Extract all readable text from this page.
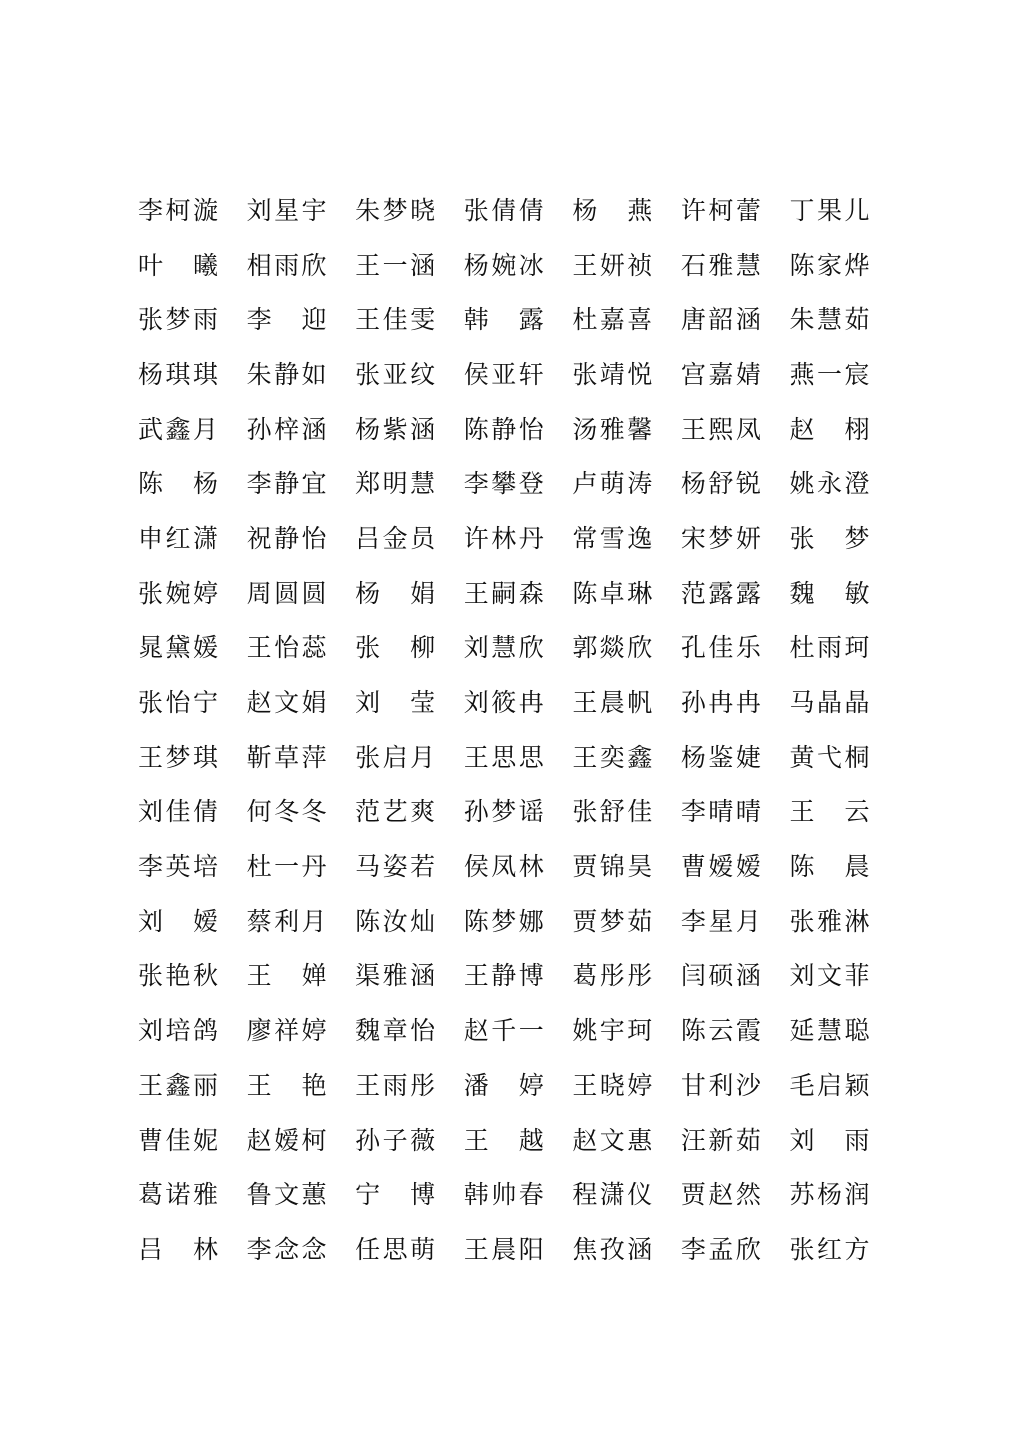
李 柯 漩 刘 星 宇 朱 梦 晓 张 倩 倩 杨 燕 许 柯 蕾 丁 果 儿
叶 曦 相 雨 欣 王 一 涵 杨 婉 冰 王 妍 祯 石 雅 慧 陈 家 烨
张 梦 雨 李 迎 王 佳 雯 韩 露 杜 嘉 喜 唐 韶 涵 朱 慧 茹
杨 琪 琪 朱 静 如 张 亚 纹 侯 亚 轩 张 靖 悦 宫 嘉 婧 燕 一 宸
武 鑫 月 孙 梓 涵 杨 紫 涵 陈 静 怡 汤 雅 馨 王 熙 凤 赵 栩
陈 杨 李 静 宜 郑 明 慧 李 攀 登 卢 萌 涛 杨 舒 锐 姚 永 澄
申 红 潇 祝 静 怡 吕 金 员 许 林 丹 常 雪 逸 宋 梦 妍 张 梦
张 婉 婷 周 圆 圆 杨 娟 王 嗣 森 陈 卓 琳 范 露 露 魏 敏
晁 黛 媛 王 怡 蕊 张 柳 刘 慧 欣 郭 燚 欣 孔 佳 乐 杜 雨 珂
张 怡 宁 赵 文 娟 刘 莹 刘 筱 冉 王 晨 帆 孙 冉 冉 马 晶 晶
王 梦 琪 靳 草 萍 张 启 月 王 思 思 王 奕 鑫 杨 鉴 婕 黄 弋 桐
刘 佳 倩 何 冬 冬 范 艺 爽 孙 梦 谣 张 舒 佳 李 晴 晴 王 云
李 英 培 杜 一 丹 马 姿 若 侯 凤 林 贾 锦 昊 曹 嫒 嫒 陈 晨
刘 嫒 蔡 利 月 陈 汝 灿 陈 梦 娜 贾 梦 茹 李 星 月 张 雅 淋
张 艳 秋 王 婵 渠 雅 涵 王 静 博 葛 彤 彤 闫 硕 涵 刘 文 菲
刘 培 鸽 廖 祥 婷 魏 章 怡 赵 千 一 姚 宇 珂 陈 云 霞 延 慧 聪
王 鑫 丽 王 艳 王 雨 彤 潘 婷 王 晓 婷 甘 利 沙 毛 启 颖
曹 佳 妮 赵 嫒 柯 孙 子 薇 王 越 赵 文 惠 汪 新 茹 刘 雨
葛 诺 雅 鲁 文 蕙 宁 博 韩 帅 春 程 潇 仪 贾 赵 然 苏 杨 润
吕 林 李 念 念 任 思 萌 王 晨 阳 焦 孜 涵 李 孟 欣 张 红 方
